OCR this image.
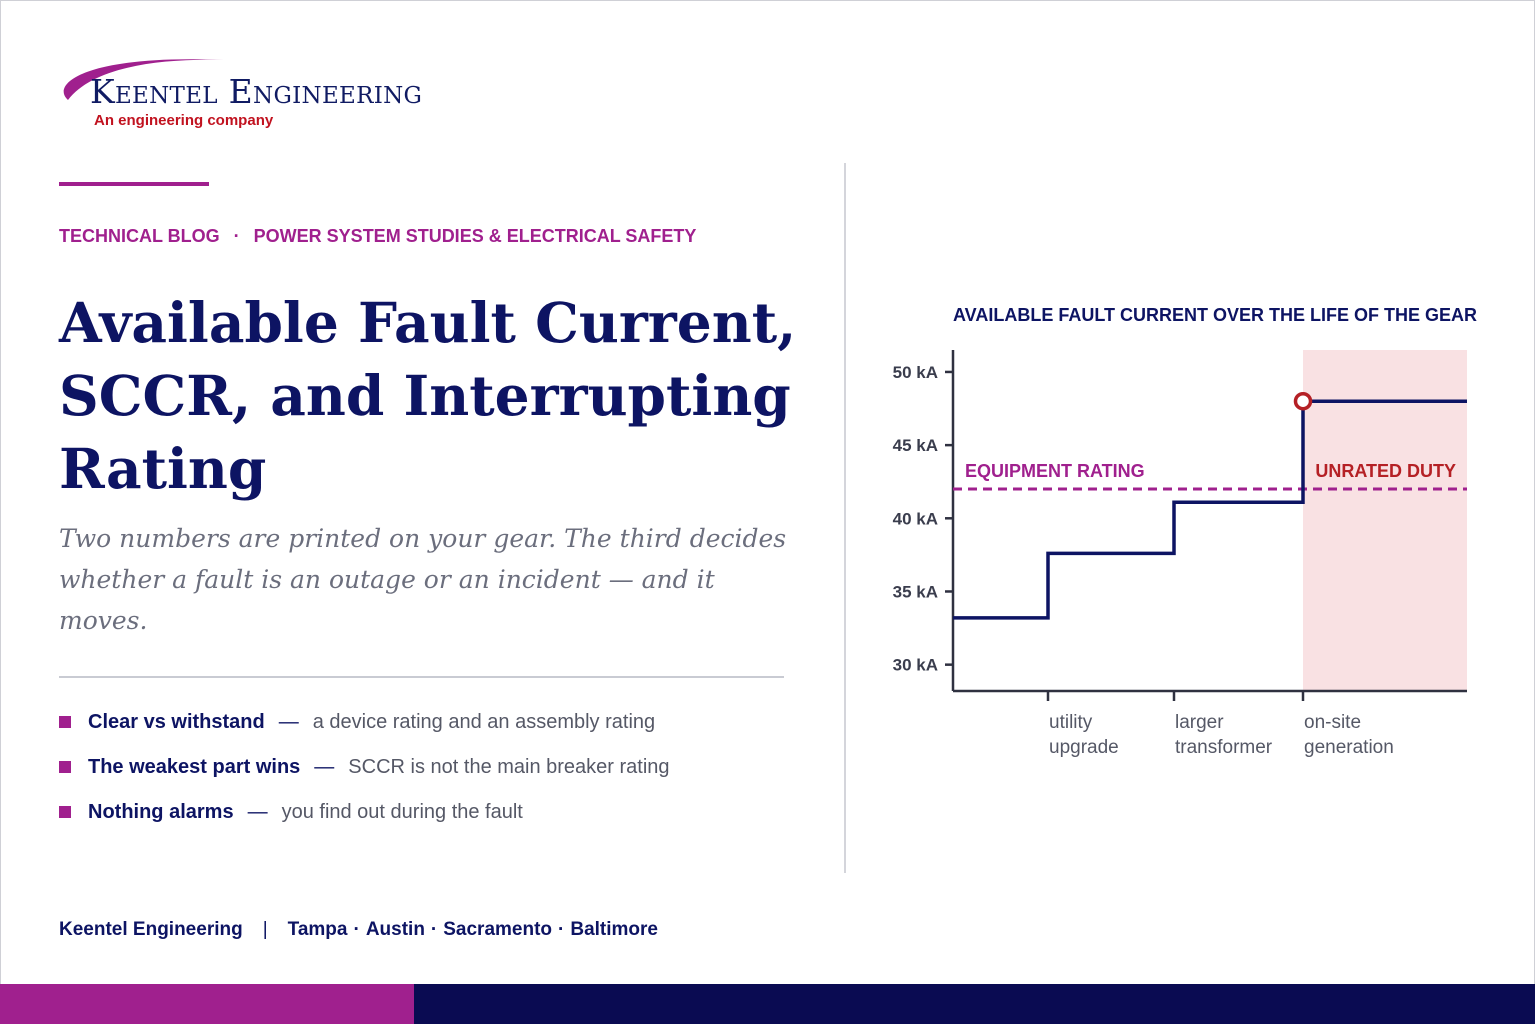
Keentel Engineering
An engineering company
TECHNICAL BLOG · POWER SYSTEM STUDIES & ELECTRICAL SAFETY
Available Fault Current, SCCR, and Interrupting Rating

Two numbers are printed on your gear. The third decides whether a fault is an outage or an incident — and it moves.

Clear vs withstand — a device rating and an assembly rating
The weakest part wins — SCCR is not the main breaker rating
Nothing alarms — you find out during the fault
Keentel Engineering | Tampa · Austin · Sacramento · Baltimore
AVAILABLE FAULT CURRENT OVER THE LIFE OF THE GEAR
30 kA
35 kA
40 kA
45 kA
50 kA
utility
upgrade
larger
transformer
on-site
generation
EQUIPMENT RATING	UNRATED DUTY
